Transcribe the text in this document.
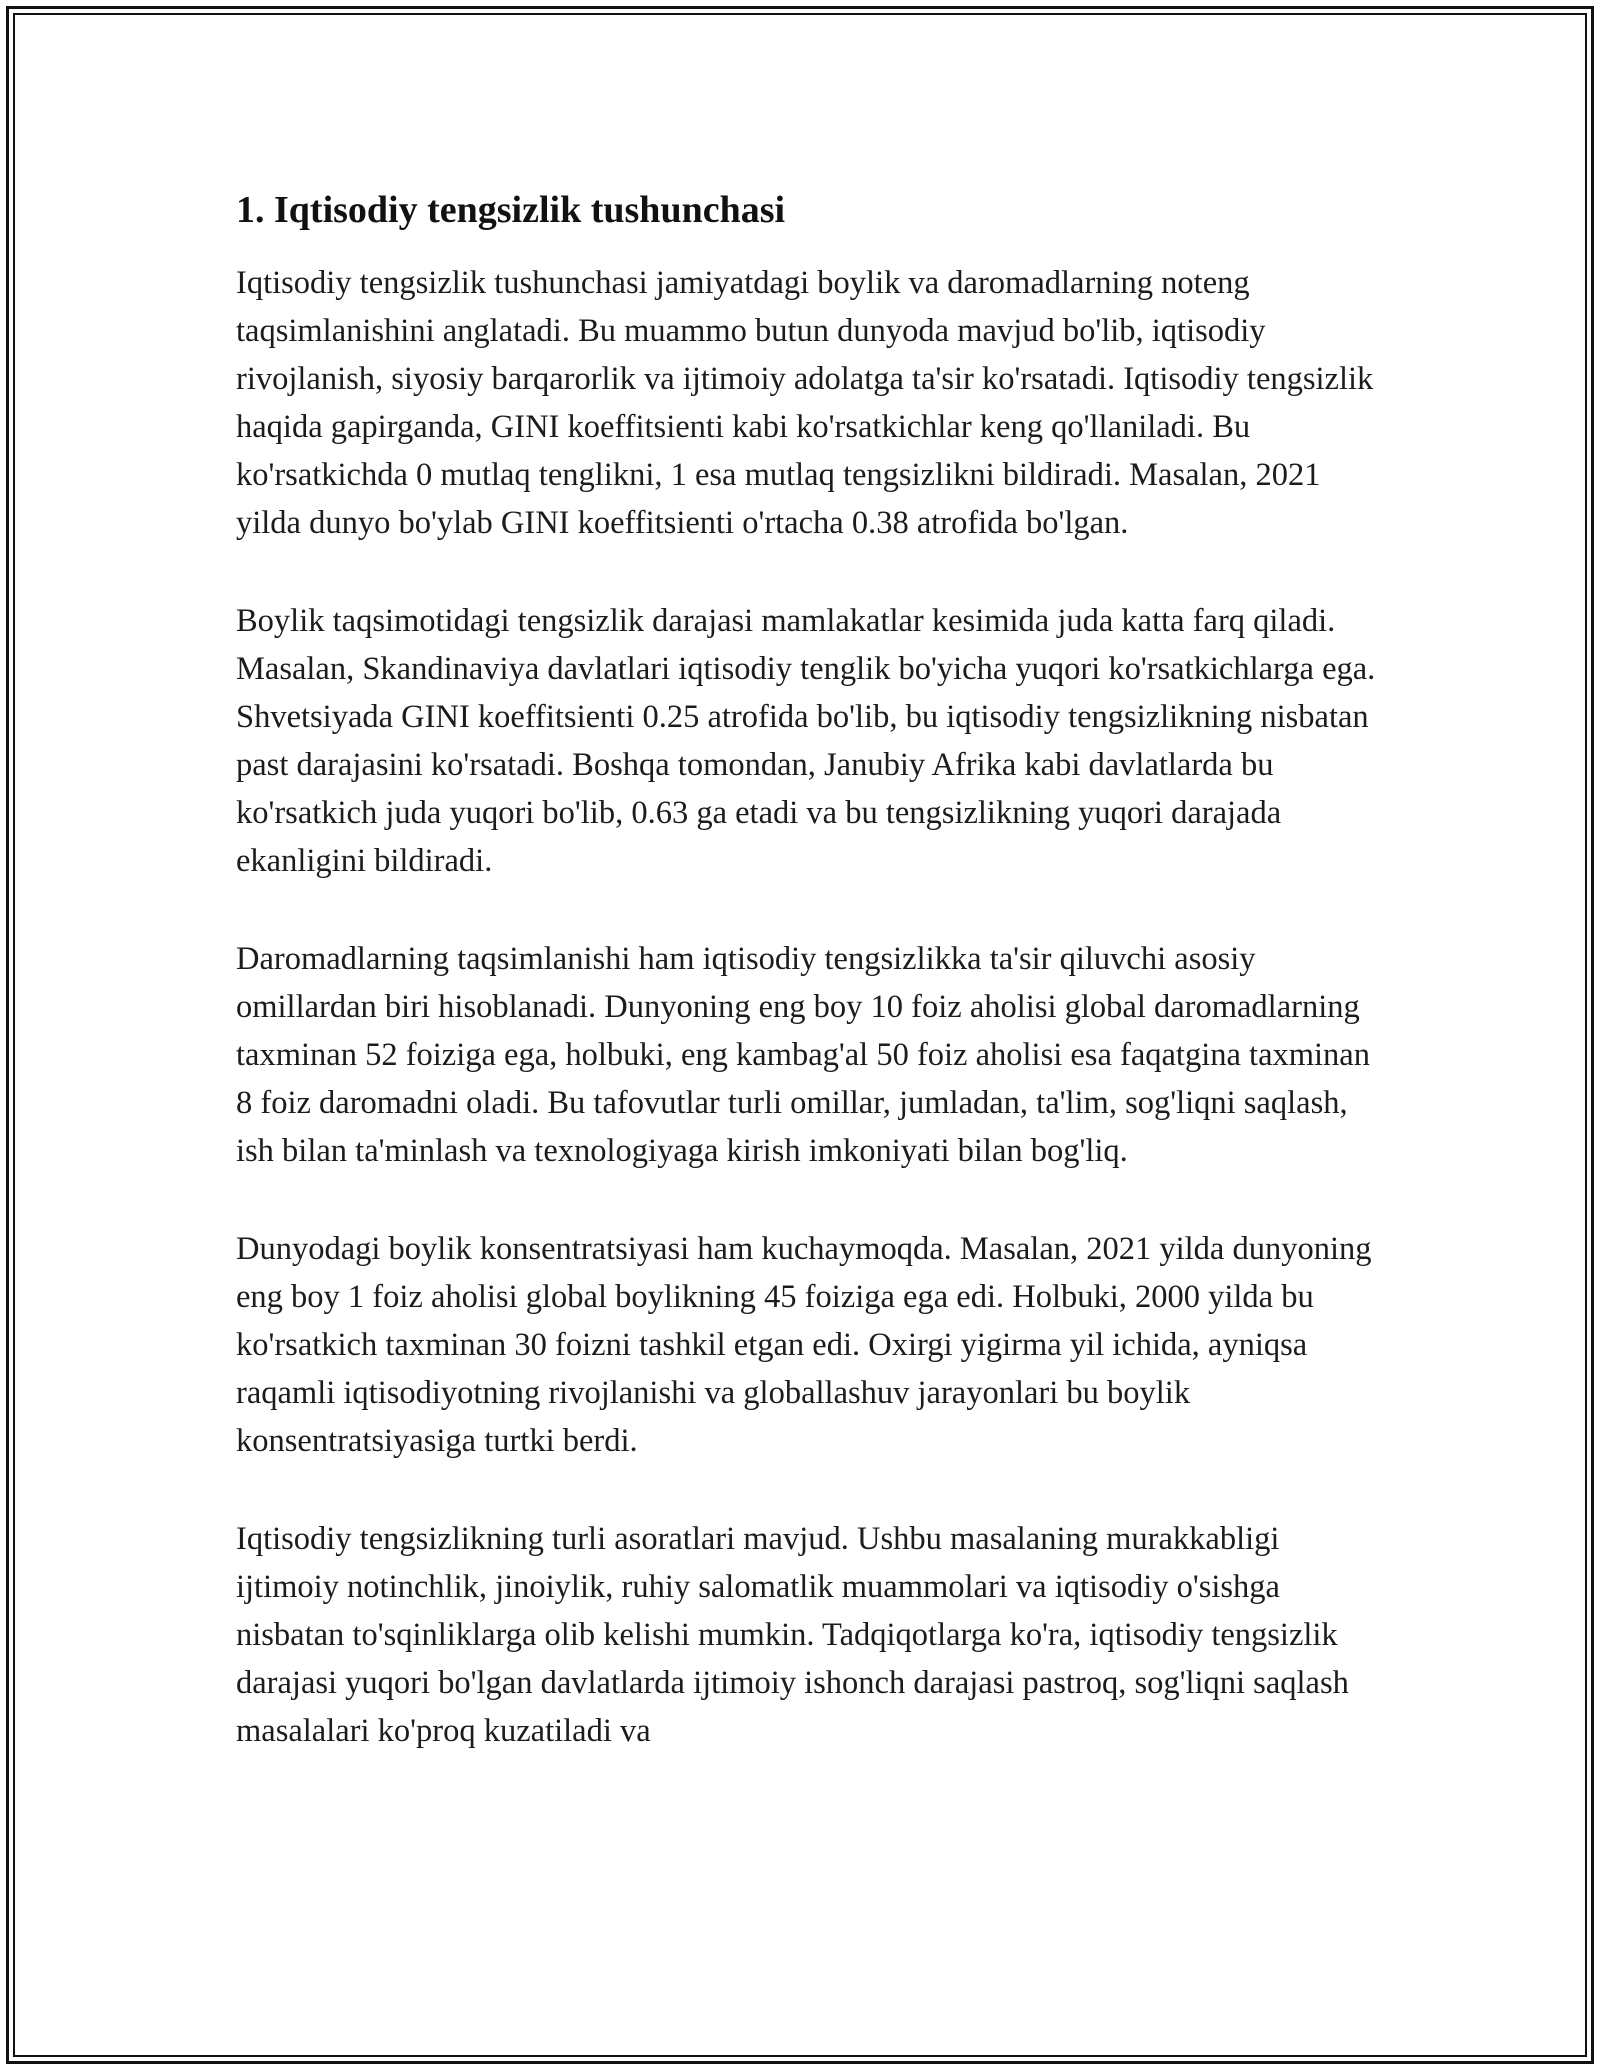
1. Iqtisodiy tengsizlik tushunchasi

Iqtisodiy tengsizlik tushunchasi jamiyatdagi boylik va daromadlarning noteng taqsimlanishini anglatadi. Bu muammo butun dunyoda mavjud bo'lib, iqtisodiy rivojlanish, siyosiy barqarorlik va ijtimoiy adolatga ta'sir ko'rsatadi. Iqtisodiy tengsizlik haqida gapirganda, GINI koeffitsienti kabi ko'rsatkichlar keng qo'llaniladi. Bu ko'rsatkichda 0 mutlaq tenglikni, 1 esa mutlaq tengsizlikni bildiradi. Masalan, 2021 yilda dunyo bo'ylab GINI koeffitsienti o'rtacha 0.38 atrofida bo'lgan.

Boylik taqsimotidagi tengsizlik darajasi mamlakatlar kesimida juda katta farq qiladi. Masalan, Skandinaviya davlatlari iqtisodiy tenglik bo'yicha yuqori ko'rsatkichlarga ega. Shvetsiyada GINI koeffitsienti 0.25 atrofida bo'lib, bu iqtisodiy tengsizlikning nisbatan past darajasini ko'rsatadi. Boshqa tomondan, Janubiy Afrika kabi davlatlarda bu ko'rsatkich juda yuqori bo'lib, 0.63 ga etadi va bu tengsizlikning yuqori darajada ekanligini bildiradi.

Daromadlarning taqsimlanishi ham iqtisodiy tengsizlikka ta'sir qiluvchi asosiy omillardan biri hisoblanadi. Dunyoning eng boy 10 foiz aholisi global daromadlarning taxminan 52 foiziga ega, holbuki, eng kambag'al 50 foiz aholisi esa faqatgina taxminan 8 foiz daromadni oladi. Bu tafovutlar turli omillar, jumladan, ta'lim, sog'liqni saqlash, ish bilan ta'minlash va texnologiyaga kirish imkoniyati bilan bog'liq.

Dunyodagi boylik konsentratsiyasi ham kuchaymoqda. Masalan, 2021 yilda dunyoning eng boy 1 foiz aholisi global boylikning 45 foiziga ega edi. Holbuki, 2000 yilda bu ko'rsatkich taxminan 30 foizni tashkil etgan edi. Oxirgi yigirma yil ichida, ayniqsa raqamli iqtisodiyotning rivojlanishi va globallashuv jarayonlari bu boylik konsentratsiyasiga turtki berdi.

Iqtisodiy tengsizlikning turli asoratlari mavjud. Ushbu masalaning murakkabligi ijtimoiy notinchlik, jinoiylik, ruhiy salomatlik muammolari va iqtisodiy o'sishga nisbatan to'sqinliklarga olib kelishi mumkin. Tadqiqotlarga ko'ra, iqtisodiy tengsizlik darajasi yuqori bo'lgan davlatlarda ijtimoiy ishonch darajasi pastroq, sog'liqni saqlash masalalari ko'proq kuzatiladi va
